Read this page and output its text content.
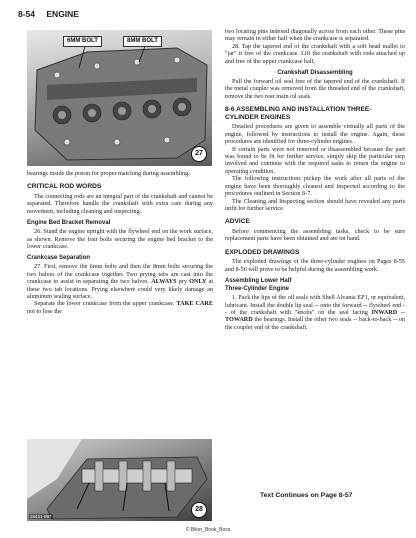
8-54 ENGINE
6MM BOLT	8MM BOLT
27
28431-997
28

bearings inside the piston for proper matching during assembling.

CRITICAL ROD WORDS

The connecting rods are an integral part of the crankshaft and cannot be separated. Therefore handle the crankshaft with extra care during any movement, including cleaning and inspecting.

Engine Bed Bracket Removal

26. Stand the engine upright with the flywheel end on the work surface, as shown. Remove the four bolts securing the engine bed bracket to the lower crankcase.

Crankcase Separation

27. First, remove the 6mm bolts and then the 8mm bolts securing the two halves of the crankcase together. Two prying tabs are cast into the crankcase to assist in separating the two halves. ALWAYS pry ONLY at these two tab locations. Prying elsewhere could very likely damage an aluminum sealing surface.

Separate the lower crankcase from the upper crankcase. TAKE CARE not to lose the

two locating pins indexed diagonally across from each other. These pins may remain in either half when the crankcase is separated.

28. Tap the tapered end of the crankshaft with a soft head mallet to "jar" it free of the crankcase. Lift the crankshaft with rods attached up and free of the upper crankcase half.

Crankshaft Disassembling

Pull the forward oil seal free of the tapered end of the crankshaft. If the metal coupler was removed from the threaded end of the crankshaft, remove the two rear main oil seals.

8-6 ASSEMBLING AND INSTALLATION THREE-CYLINDER ENGINES

Detailed procedures are given to assemble virtually all parts of the engine, followed by instructions to install the engine. Again, these procedures are identified for three-cylinder engines.

If certain parts were not removed or disassembled because the part was found to be fit for further service, simply skip the particular step involved and continue with the required tasks to return the engine to operating condition.

The following instructions pickup the work after all parts of the engine have been thoroughly cleaned and inspected according to the procedures outlined in Section 8-7.

The Cleaning and Inspecting section should have revealed any parts unfit for further service.

ADVICE

Before commencing the assembling tasks, check to be sure replacement parts have been obtained and are on hand.

EXPLODED DRAWINGS

The exploded drawings of the three-cylinder engines on Pages 8-55 and 8-56 will prove to be helpful during the assembling work.

Assembling Lower Half
Three-Cylinder Engine

1. Pack the lips of the oil seals with Shell Alvania EP1, or equivalent, lubricant. Install the double lip seal -- onto the forward -- flywheel end -- of the crankshaft with "knobs" on the seal facing INWARD -- TOWARD the bearings. Install the other two seals -- back-to-back -- on the coupler end of the crankshaft.

Text Continues on Page 8-57
© Biker_Book_Boss
